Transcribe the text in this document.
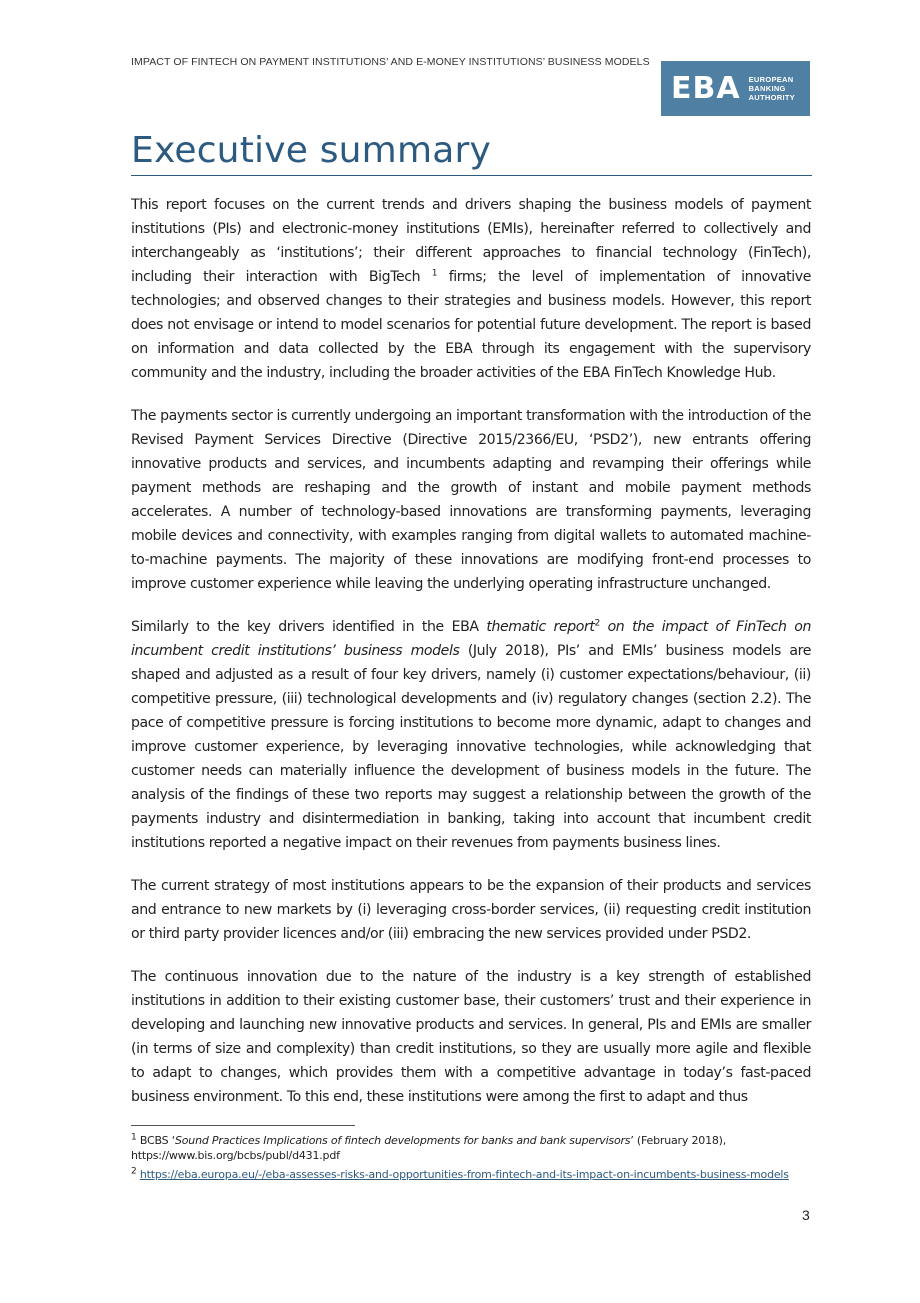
IMPACT OF FINTECH ON PAYMENT INSTITUTIONS’ AND E-MONEY INSTITUTIONS’ BUSINESS MODELS
EBA EUROPEAN
BANKING
AUTHORITY
Executive summary

This report focuses on the current trends and drivers shaping the business models of payment institutions (PIs) and electronic-money institutions (EMIs), hereinafter referred to collectively and interchangeably as ‘institutions’; their different approaches to financial technology (FinTech), including their interaction with BigTech $^1$ firms; the level of implementation of innovative technologies; and observed changes to their strategies and business models. However, this report does not envisage or intend to model scenarios for potential future development. The report is based on information and data collected by the EBA through its engagement with the supervisory community and the industry, including the broader activities of the EBA FinTech Knowledge Hub.

The payments sector is currently undergoing an important transformation with the introduction of the Revised Payment Services Directive (Directive 2015/2366/EU, ‘PSD2’), new entrants offering innovative products and services, and incumbents adapting and revamping their offerings while payment methods are reshaping and the growth of instant and mobile payment methods accelerates. A number of technology-based innovations are transforming payments, leveraging mobile devices and connectivity, with examples ranging from digital wallets to automated machine-to-machine payments. The majority of these innovations are modifying front-end processes to improve customer experience while leaving the underlying operating infrastructure unchanged.

Similarly to the key drivers identified in the EBA thematic report$^2$ on the impact of FinTech on incumbent credit institutions’ business models (July 2018), PIs’ and EMIs’ business models are shaped and adjusted as a result of four key drivers, namely (i) customer expectations/behaviour, (ii) competitive pressure, (iii) technological developments and (iv) regulatory changes (section 2.2). The pace of competitive pressure is forcing institutions to become more dynamic, adapt to changes and improve customer experience, by leveraging innovative technologies, while acknowledging that customer needs can materially influence the development of business models in the future. The analysis of the findings of these two reports may suggest a relationship between the growth of the payments industry and disintermediation in banking, taking into account that incumbent credit institutions reported a negative impact on their revenues from payments business lines.

The current strategy of most institutions appears to be the expansion of their products and services and entrance to new markets by (i) leveraging cross-border services, (ii) requesting credit institution or third party provider licences and/or (iii) embracing the new services provided under PSD2.

The continuous innovation due to the nature of the industry is a key strength of established institutions in addition to their existing customer base, their customers’ trust and their experience in developing and launching new innovative products and services. In general, PIs and EMIs are smaller (in terms of size and complexity) than credit institutions, so they are usually more agile and flexible to adapt to changes, which provides them with a competitive advantage in today’s fast-paced business environment. To this end, these institutions were among the first to adapt and thus

$^1$ BCBS ‘Sound Practices Implications of fintech developments for banks and bank supervisors’ (February 2018), https://www.bis.org/bcbs/publ/d431.pdf
$^2$ https://eba.europa.eu/-/eba-assesses-risks-and-opportunities-from-fintech-and-its-impact-on-incumbents-business-models
3
